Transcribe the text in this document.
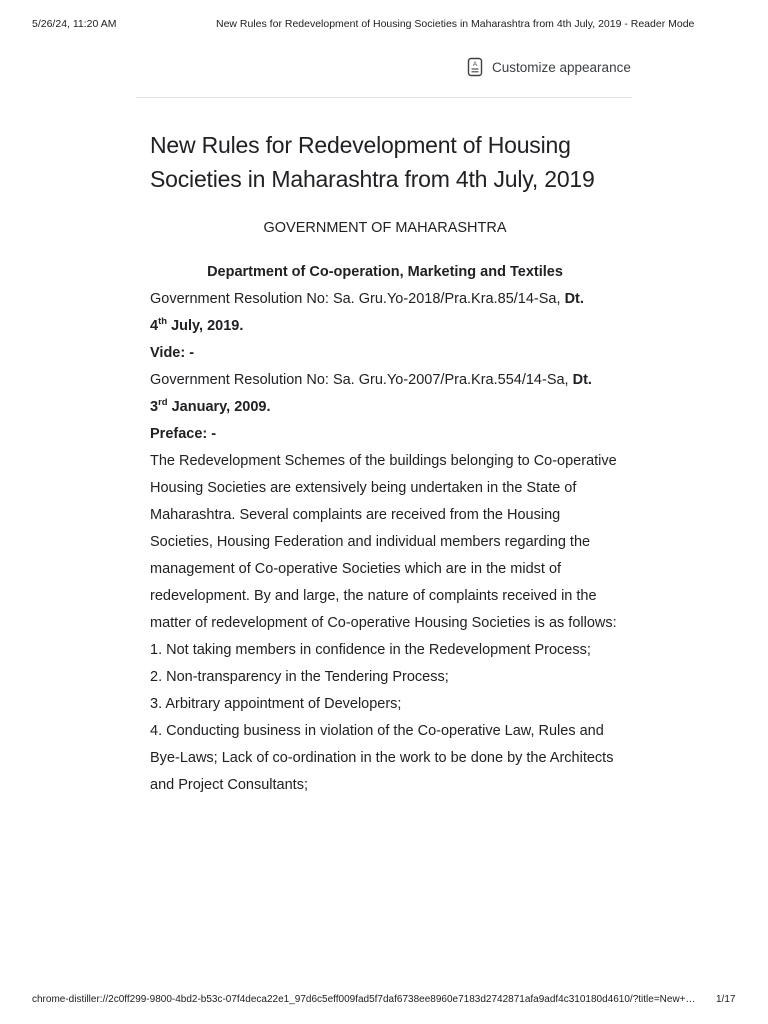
5/26/24, 11:20 AM	New Rules for Redevelopment of Housing Societies in Maharashtra from 4th July, 2019 - Reader Mode
A Customize appearance
New Rules for Redevelopment of Housing Societies in Maharashtra from 4th July, 2019

GOVERNMENT OF MAHARASHTRA

Department of Co-operation, Marketing and Textiles

Government Resolution No: Sa. Gru.Yo-2018/Pra.Kra.85/14-Sa, Dt.
4th July, 2019.

Vide: -

Government Resolution No: Sa. Gru.Yo-2007/Pra.Kra.554/14-Sa, Dt.
3rd January, 2009.

Preface: -

The Redevelopment Schemes of the buildings belonging to Co-operative Housing Societies are extensively being undertaken in the State of Maharashtra. Several complaints are received from the Housing Societies, Housing Federation and individual members regarding the management of Co-operative Societies which are in the midst of redevelopment. By and large, the nature of complaints received in the matter of redevelopment of Co-operative Housing Societies is as follows:

1. Not taking members in confidence in the Redevelopment Process;

2. Non-transparency in the Tendering Process;

3. Arbitrary appointment of Developers;

4. Conducting business in violation of the Co-operative Law, Rules and Bye-Laws; Lack of co-ordination in the work to be done by the Architects and Project Consultants;

chrome-distiller://2c0ff299-9800-4bd2-b53c-07f4deca22e1_97d6c5eff009fad5f7daf6738ee8960e7183d2742871afa9adf4c310180d4610/?title=New+…	1/17
